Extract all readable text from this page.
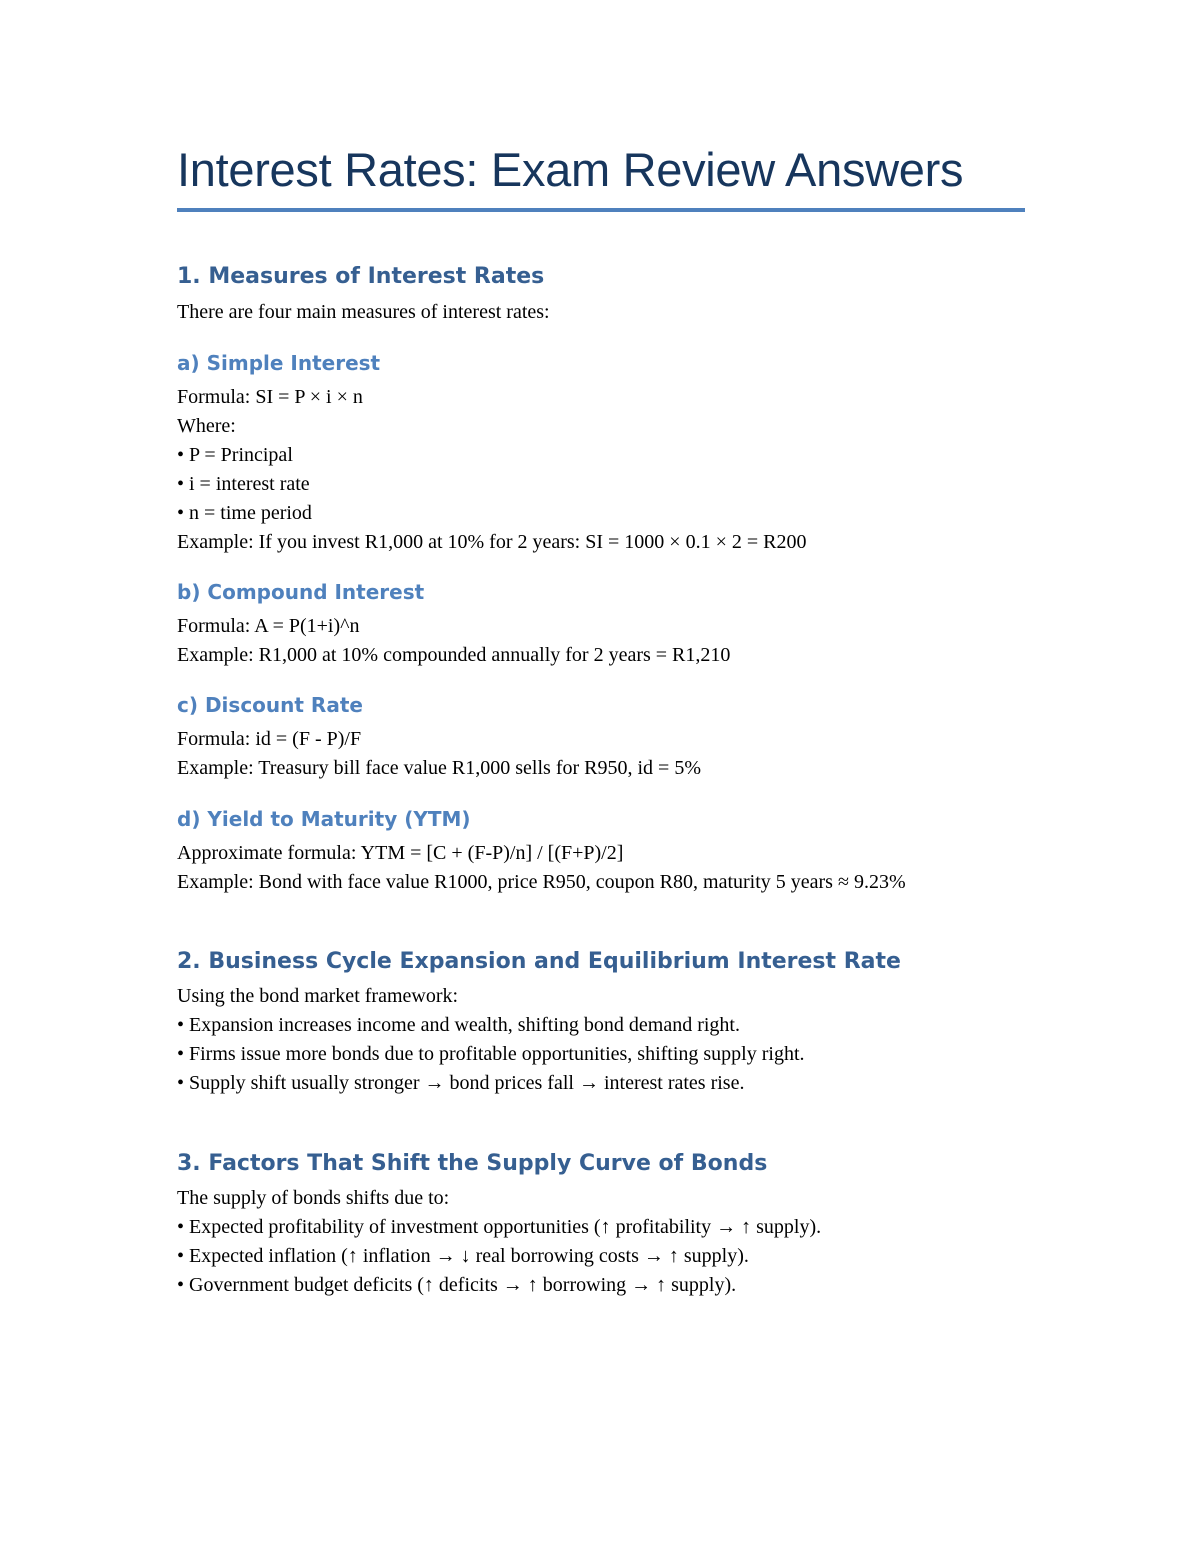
Interest Rates: Exam Review Answers
1. Measures of Interest Rates
There are four main measures of interest rates:
a) Simple Interest
Formula: SI = P × i × n
Where:
• P = Principal
• i = interest rate
• n = time period
Example: If you invest R1,000 at 10% for 2 years: SI = 1000 × 0.1 × 2 = R200
b) Compound Interest
Formula: A = P(1+i)^n
Example: R1,000 at 10% compounded annually for 2 years = R1,210
c) Discount Rate
Formula: id = (F - P)/F
Example: Treasury bill face value R1,000 sells for R950, id = 5%
d) Yield to Maturity (YTM)
Approximate formula: YTM = [C + (F-P)/n] / [(F+P)/2]
Example: Bond with face value R1000, price R950, coupon R80, maturity 5 years ≈ 9.23%
2. Business Cycle Expansion and Equilibrium Interest Rate
Using the bond market framework:
• Expansion increases income and wealth, shifting bond demand right.
• Firms issue more bonds due to profitable opportunities, shifting supply right.
• Supply shift usually stronger → bond prices fall → interest rates rise.
3. Factors That Shift the Supply Curve of Bonds
The supply of bonds shifts due to:
• Expected profitability of investment opportunities (↑ profitability → ↑ supply).
• Expected inflation (↑ inflation → ↓ real borrowing costs → ↑ supply).
• Government budget deficits (↑ deficits → ↑ borrowing → ↑ supply).
